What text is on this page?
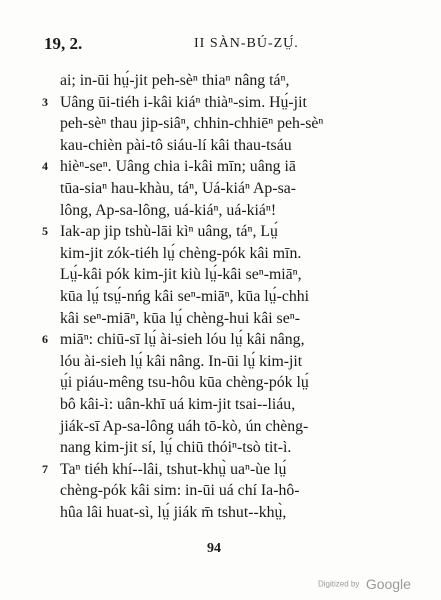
19, 2.	II SÀN-BÚ-ZṲ́.
ai; in-ūi hṳ́-jit peh-sèⁿ thiaⁿ nâng táⁿ,
3 Uâng ūi-tiéh i-kâi kiáⁿ thiàⁿ-sim. Hṳ́-jit
peh-sèⁿ thau jip-siâⁿ, chhin-chhiēⁿ peh-sèⁿ
kau-chièn pài-tô siáu-lí kâi thau-tsáu
4 hièⁿ-seⁿ. Uâng chia i-kâi mīn; uâng iā
tūa-siaⁿ hau-khàu, táⁿ, Uá-kiáⁿ Ap-sa-
lông, Ap-sa-lông, uá-kiáⁿ, uá-kiáⁿ!
5 Iak-ap jip tshù-lāi kìⁿ uâng, táⁿ, Lṳ́
kim-jit zók-tiéh lṳ́ chèng-pók kâi mīn.
Lṳ́-kâi pók kim-jit kiù lṳ́-kâi seⁿ-miāⁿ,
kūa lṳ́ tsṳ́-nńg kâi seⁿ-miāⁿ, kūa lṳ́-chhi
kâi seⁿ-miāⁿ, kūa lṳ́ chèng-hui kâi seⁿ-
6 miāⁿ: chiū-sī lṳ́ ài-sieh lóu lṳ́ kâi nâng,
lóu ài-sieh lṳ́ kâi nâng. In-ūi lṳ́ kim-jit
ṳ́i piáu-mêng tsu-hôu kūa chèng-pók lṳ́
bô kâi-ì: uân-khī uá kim-jit tsai--liáu,
jiák-sī Ap-sa-lông uáh tō-kò, ún chèng-
nang kim-jit sí, lṳ́ chiū thóiⁿ-tsò tit-ì.
7 Taⁿ tiéh khí--lâi, tshut-khṳ̀ uaⁿ-ùe lṳ́
chèng-pók kâi sim: in-ūi uá chí Ia-hô-
hûa lâi huat-sì, lṳ́ jiák m̄ tshut--khṳ̀,
94
Digitized by Google
